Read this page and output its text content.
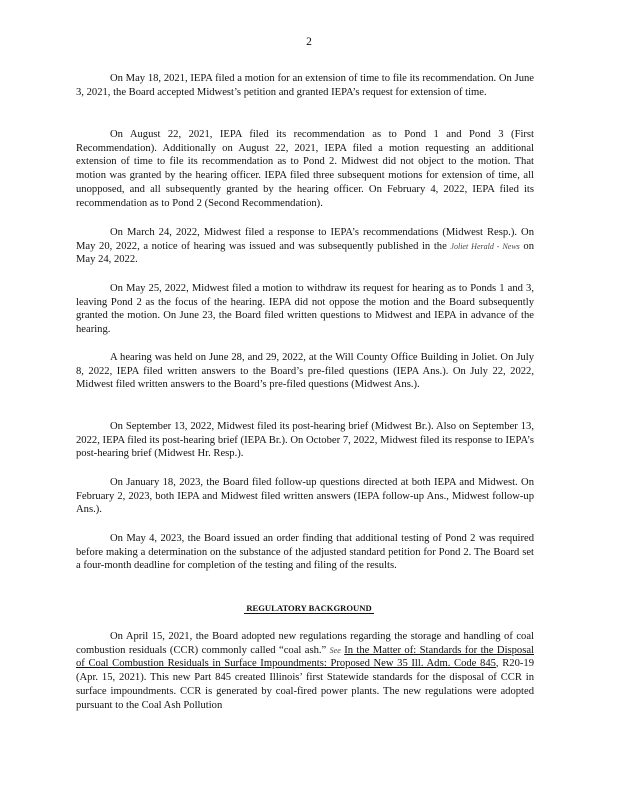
2

On May 18, 2021, IEPA filed a motion for an extension of time to file its recommendation. On June 3, 2021, the Board accepted Midwest’s petition and granted IEPA’s request for extension of time.

On August 22, 2021, IEPA filed its recommendation as to Pond 1 and Pond 3 (First Recommendation). Additionally on August 22, 2021, IEPA filed a motion requesting an additional extension of time to file its recommendation as to Pond 2. Midwest did not object to the motion. That motion was granted by the hearing officer. IEPA filed three subsequent motions for extension of time, all unopposed, and all subsequently granted by the hearing officer. On February 4, 2022, IEPA filed its recommendation as to Pond 2 (Second Recommendation).

On March 24, 2022, Midwest filed a response to IEPA’s recommendations (Midwest Resp.). On May 20, 2022, a notice of hearing was issued and was subsequently published in the Joliet Herald - News on May 24, 2022.

On May 25, 2022, Midwest filed a motion to withdraw its request for hearing as to Ponds 1 and 3, leaving Pond 2 as the focus of the hearing. IEPA did not oppose the motion and the Board subsequently granted the motion. On June 23, the Board filed written questions to Midwest and IEPA in advance of the hearing.

A hearing was held on June 28, and 29, 2022, at the Will County Office Building in Joliet. On July 8, 2022, IEPA filed written answers to the Board’s pre-filed questions (IEPA Ans.). On July 22, 2022, Midwest filed written answers to the Board’s pre-filed questions (Midwest Ans.).

On September 13, 2022, Midwest filed its post-hearing brief (Midwest Br.). Also on September 13, 2022, IEPA filed its post-hearing brief (IEPA Br.). On October 7, 2022, Midwest filed its response to IEPA’s post-hearing brief (Midwest Hr. Resp.).

On January 18, 2023, the Board filed follow-up questions directed at both IEPA and Midwest. On February 2, 2023, both IEPA and Midwest filed written answers (IEPA follow-up Ans., Midwest follow-up Ans.).

On May 4, 2023, the Board issued an order finding that additional testing of Pond 2 was required before making a determination on the substance of the adjusted standard petition for Pond 2. The Board set a four-month deadline for completion of the testing and filing of the results.

REGULATORY BACKGROUND

On April 15, 2021, the Board adopted new regulations regarding the storage and handling of coal combustion residuals (CCR) commonly called “coal ash.” See In the Matter of: Standards for the Disposal of Coal Combustion Residuals in Surface Impoundments: Proposed New 35 Ill. Adm. Code 845, R20-19 (Apr. 15, 2021). This new Part 845 created Illinois’ first Statewide standards for the disposal of CCR in surface impoundments. CCR is generated by coal-fired power plants. The new regulations were adopted pursuant to the Coal Ash Pollution
